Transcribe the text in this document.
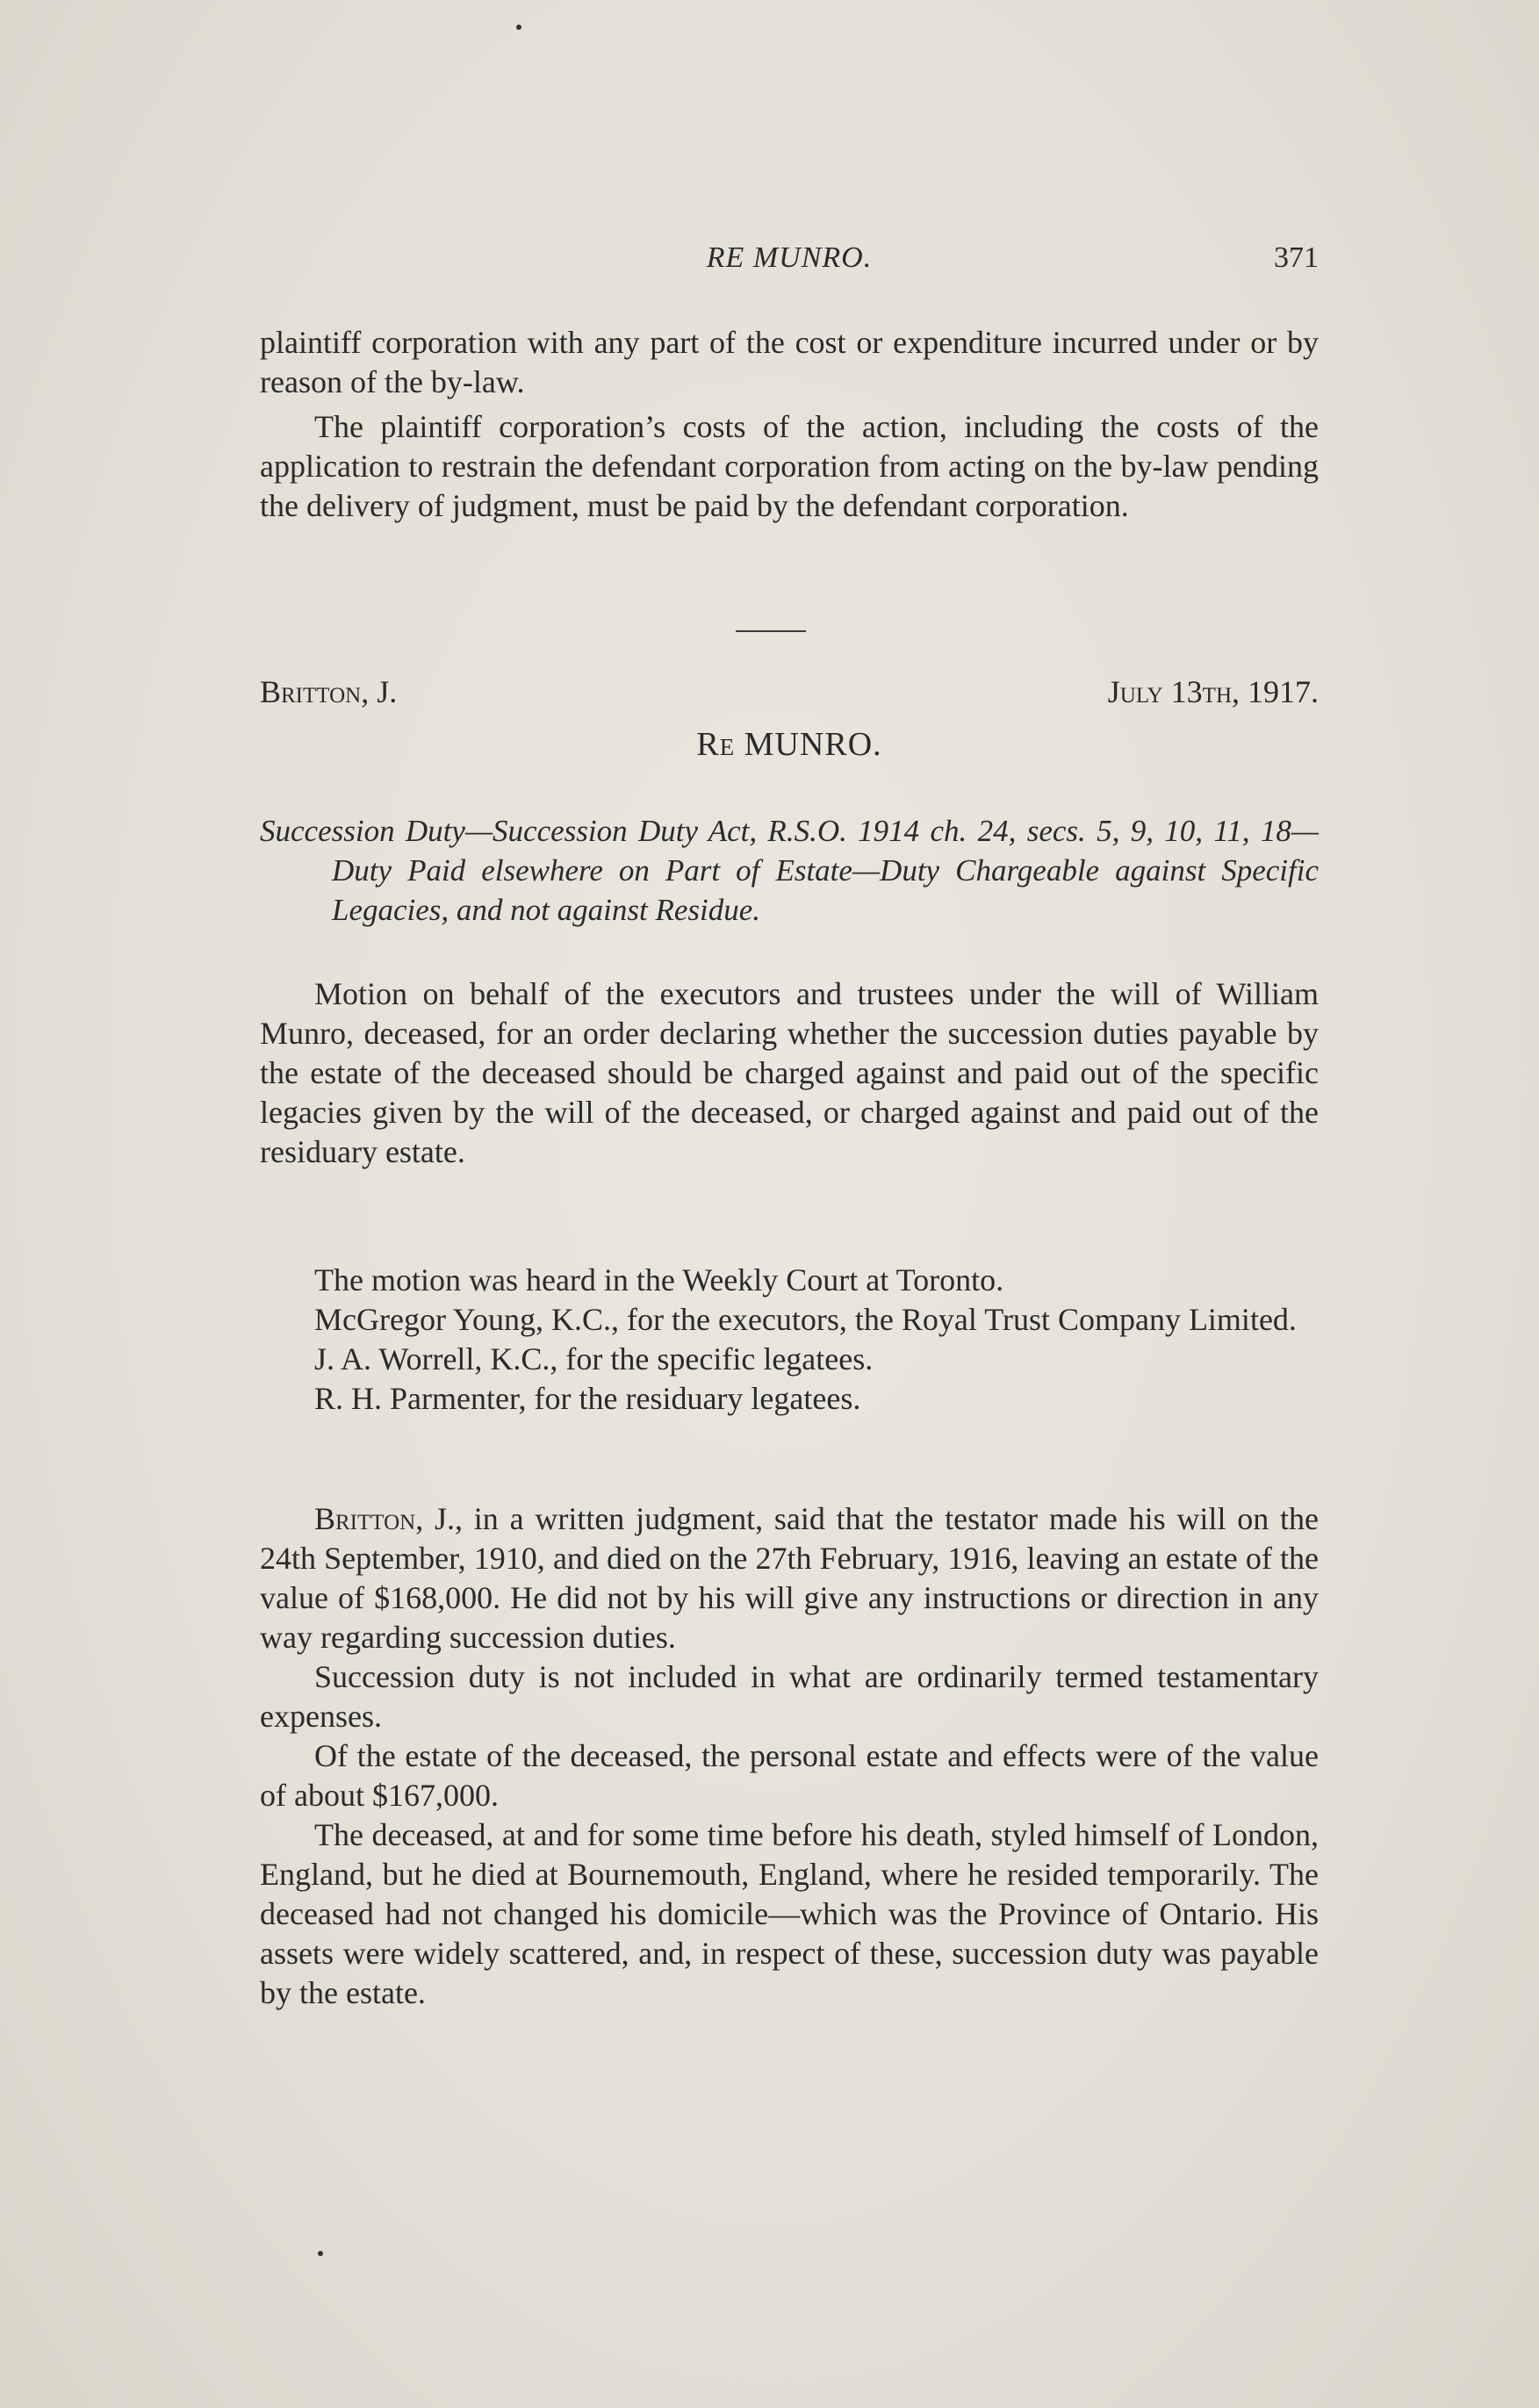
RE MUNRO.	371

plaintiff corporation with any part of the cost or expenditure incurred under or by reason of the by-law.

The plaintiff corporation’s costs of the action, including the costs of the application to restrain the defendant corporation from acting on the by-law pending the delivery of judgment, must be paid by the defendant corporation.

Britton, J.	July 13th, 1917.
Re MUNRO.

Succession Duty—Succession Duty Act, R.S.O. 1914 ch. 24, secs. 5, 9, 10, 11, 18—Duty Paid elsewhere on Part of Estate—Duty Chargeable against Specific Legacies, and not against Residue.

Motion on behalf of the executors and trustees under the will of William Munro, deceased, for an order declaring whether the succession duties payable by the estate of the deceased should be charged against and paid out of the specific legacies given by the will of the deceased, or charged against and paid out of the residuary estate.

The motion was heard in the Weekly Court at Toronto.

McGregor Young, K.C., for the executors, the Royal Trust Company Limited.

J. A. Worrell, K.C., for the specific legatees.

R. H. Parmenter, for the residuary legatees.

Britton, J., in a written judgment, said that the testator made his will on the 24th September, 1910, and died on the 27th February, 1916, leaving an estate of the value of $168,000. He did not by his will give any instructions or direction in any way regarding succession duties.

Succession duty is not included in what are ordinarily termed testamentary expenses.

Of the estate of the deceased, the personal estate and effects were of the value of about $167,000.

The deceased, at and for some time before his death, styled himself of London, England, but he died at Bournemouth, England, where he resided temporarily. The deceased had not changed his domicile—which was the Province of Ontario. His assets were widely scattered, and, in respect of these, succession duty was payable by the estate.
